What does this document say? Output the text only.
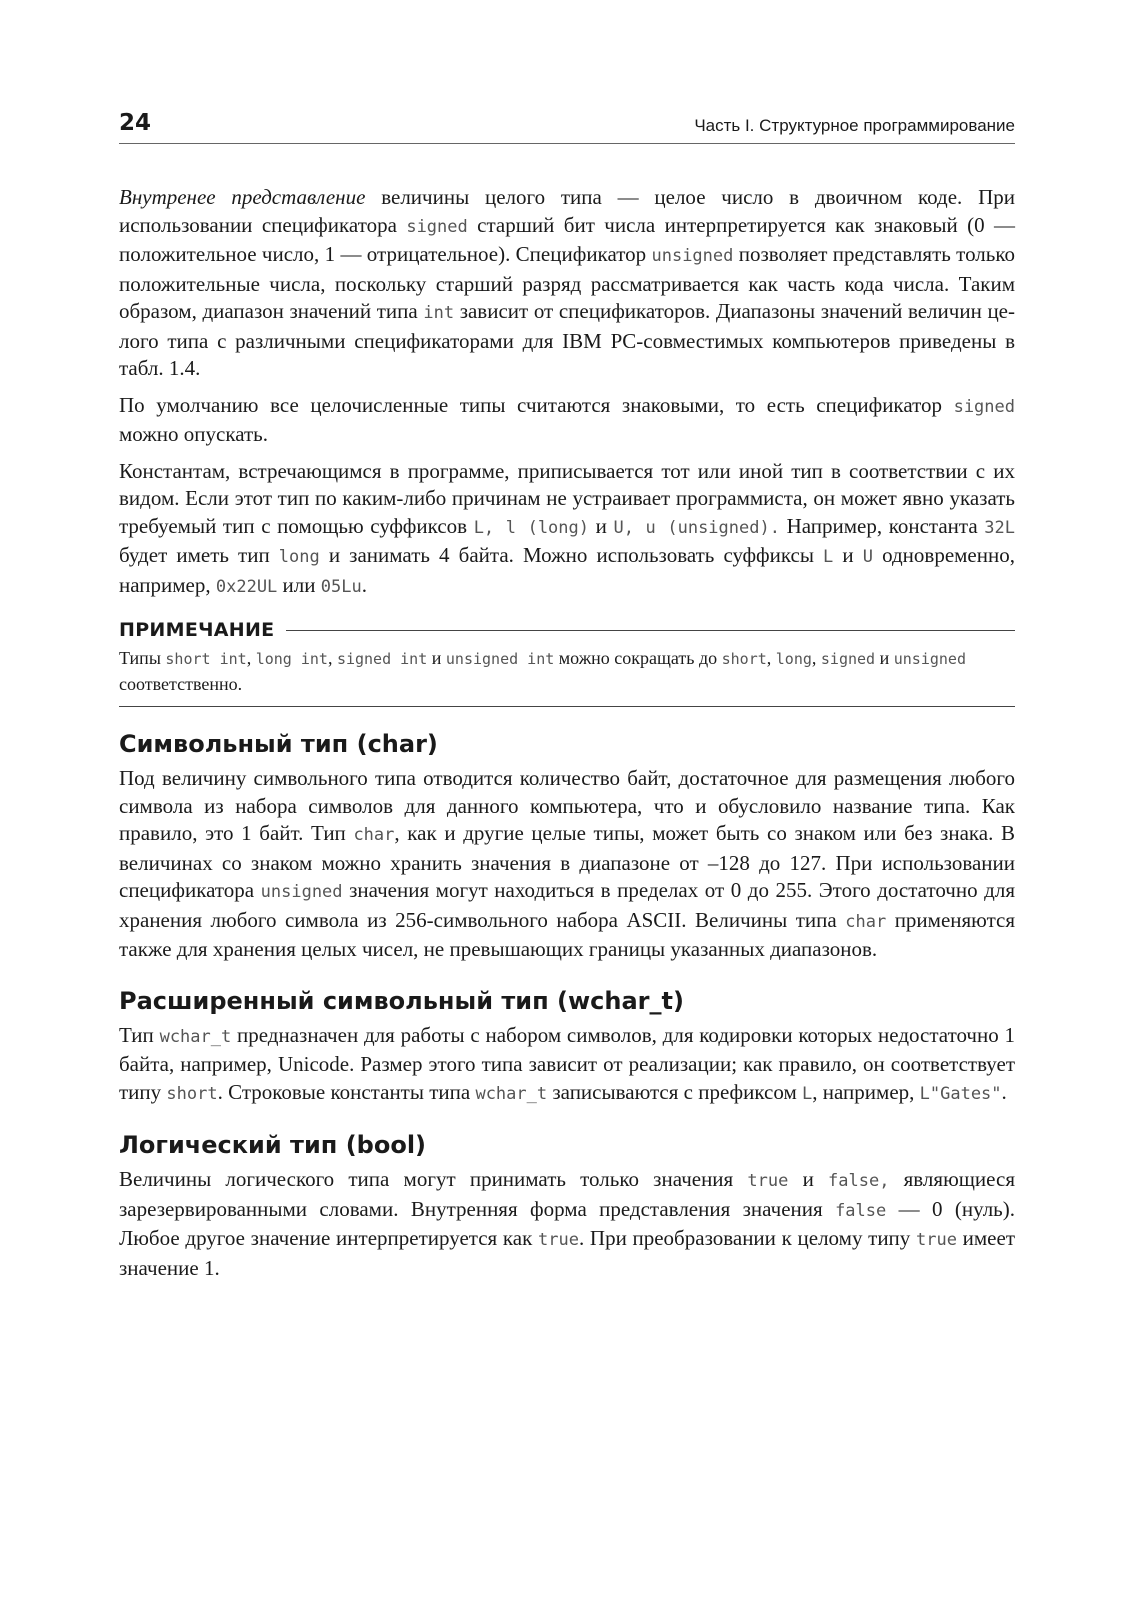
24	Часть I. Структурное программирование

Внутренее представление величины целого типа — целое число в двоичном коде. При использовании спецификатора signed старший бит числа интерпретируется как знаковый (0 — положительное число, 1 — отрицательное). Спецификатор unsigned позволяет представлять только положительные числа, поскольку старший разряд рассматривается как часть кода числа. Таким образом, диапазон значений типа int зависит от спецификаторов. Диапазоны значений величин целого типа с различными спецификаторами для IBM PC-совместимых компьютеров приведены в табл. 1.4.

По умолчанию все целочисленные типы считаются знаковыми, то есть спецификатор signed можно опускать.

Константам, встречающимся в программе, приписывается тот или иной тип в соответствии с их видом. Если этот тип по каким-либо причинам не устраивает программиста, он может явно указать требуемый тип с помощью суффиксов L, l (long) и U, u (unsigned). Например, константа 32L будет иметь тип long и занимать 4 байта. Можно использовать суффиксы L и U одновременно, например, 0x22UL или 05Lu.

ПРИМЕЧАНИЕ
Типы short int, long int, signed int и unsigned int можно сокращать до short, long, signed и unsigned соответственно.
Символьный тип (char)

Под величину символьного типа отводится количество байт, достаточное для размещения любого символа из набора символов для данного компьютера, что и обусловило название типа. Как правило, это 1 байт. Тип char, как и другие целые типы, может быть со знаком или без знака. В величинах со знаком можно хранить значения в диапазоне от –128 до 127. При использовании спецификатора unsigned значения могут находиться в пределах от 0 до 255. Этого достаточно для хранения любого символа из 256-символьного набора ASCII. Величины типа char применяются также для хранения целых чисел, не превышающих границы указанных диапазонов.

Расширенный символьный тип (wchar_t)

Тип wchar_t предназначен для работы с набором символов, для кодировки которых недостаточно 1 байта, например, Unicode. Размер этого типа зависит от реализации; как правило, он соответствует типу short. Строковые константы типа wchar_t записываются с префиксом L, например, L"Gates".

Логический тип (bool)

Величины логического типа могут принимать только значения true и false, являющиеся зарезервированными словами. Внутренняя форма представления значения false — 0 (нуль). Любое другое значение интерпретируется как true. При преобразовании к целому типу true имеет значение 1.
